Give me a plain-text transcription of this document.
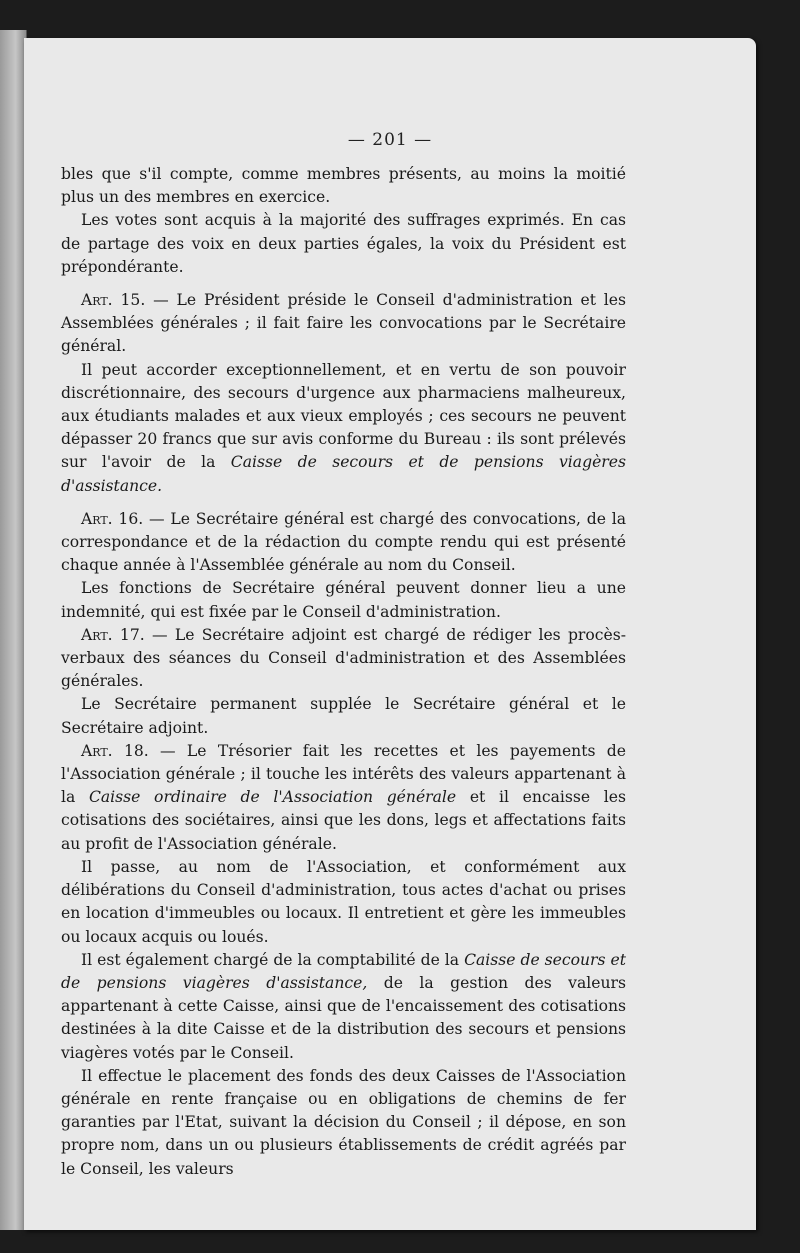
— 201 —

bles que s'il compte, comme membres présents, au moins la moitié plus un des membres en exercice.

Les votes sont acquis à la majorité des suffrages exprimés. En cas de partage des voix en deux parties égales, la voix du Président est prépondérante.

Art. 15. — Le Président préside le Conseil d'administration et les Assemblées générales ; il fait faire les convocations par le Secrétaire général.

Il peut accorder exceptionnellement, et en vertu de son pouvoir discrétionnaire, des secours d'urgence aux pharmaciens malheureux, aux étudiants malades et aux vieux employés ; ces secours ne peuvent dépasser 20 francs que sur avis conforme du Bureau : ils sont prélevés sur l'avoir de la Caisse de secours et de pensions viagères d'assistance.

Art. 16. — Le Secrétaire général est chargé des convocations, de la correspondance et de la rédaction du compte rendu qui est présenté chaque année à l'Assemblée générale au nom du Conseil.

Les fonctions de Secrétaire général peuvent donner lieu a une indemnité, qui est fixée par le Conseil d'administration.

Art. 17. — Le Secrétaire adjoint est chargé de rédiger les procès-verbaux des séances du Conseil d'administration et des Assemblées générales.

Le Secrétaire permanent supplée le Secrétaire général et le Secrétaire adjoint.

Art. 18. — Le Trésorier fait les recettes et les payements de l'Association générale ; il touche les intérêts des valeurs appartenant à la Caisse ordinaire de l'Association générale et il encaisse les cotisations des sociétaires, ainsi que les dons, legs et affectations faits au profit de l'Association générale.

Il passe, au nom de l'Association, et conformément aux délibérations du Conseil d'administration, tous actes d'achat ou prises en location d'immeubles ou locaux. Il entretient et gère les immeubles ou locaux acquis ou loués.

Il est également chargé de la comptabilité de la Caisse de secours et de pensions viagères d'assistance, de la gestion des valeurs appartenant à cette Caisse, ainsi que de l'encaissement des cotisations destinées à la dite Caisse et de la distribution des secours et pensions viagères votés par le Conseil.

Il effectue le placement des fonds des deux Caisses de l'Association générale en rente française ou en obligations de chemins de fer garanties par l'Etat, suivant la décision du Conseil ; il dépose, en son propre nom, dans un ou plusieurs établissements de crédit agréés par le Conseil, les valeurs
